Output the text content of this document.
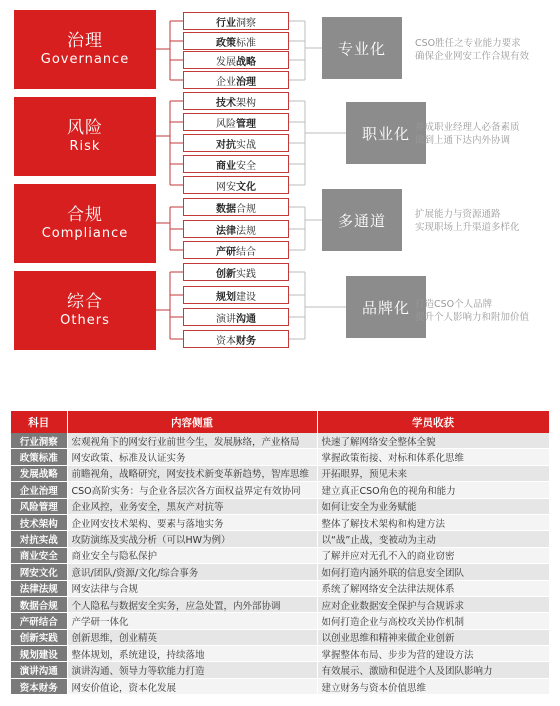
治理
Governance
风险
Risk
合规
Compliance
综合
Others
行业 洞察
政策 标准
发展 战略
企业 治理
技术 架构
风险 管理
对抗 实战
商业 安全
网安 文化
数据 合规
法律 法规
产研 结合
创新 实践
规划 建设
演讲 沟通
资本 财务
专业化
职业化
多通道
品牌化
CSO胜任之专业能力要求
确保企业网安工作合规有效
养成职业经理人必备素质
做到上通下达内外协调
扩展能力与资源通路
实现职场上升渠道多样化
打造CSO个人品牌
提升个人影响力和附加价值
科目	内容侧重	学员收获
行业洞察	宏观视角下的网安行业前世今生，发展脉络，产业格局	快速了解网络安全整体全貌
政策标准	网安政策、标准及认证实务	掌握政策衔接、对标和体系化思维
发展战略	前瞻视角，战略研究，网安技术新变革新趋势，智库思维	开拓眼界，预见未来
企业治理	CSO高阶实务：与企业各层次各方面权益界定有效协同	建立真正CSO角色的视角和能力
风险管理	企业风控，业务安全，黑灰产对抗等	如何让安全为业务赋能
技术架构	企业网安技术架构、要素与落地实务	整体了解技术架构和构建方法
对抗实战	攻防演练及实战分析（可以HW为例）	以“战”止战，变被动为主动
商业安全	商业安全与隐私保护	了解并应对无孔不入的商业窃密
网安文化	意识/团队/资源/文化/综合事务	如何打造内涵外联的信息安全团队
法律法规	网安法律与合规	系统了解网络安全法律法规体系
数据合规	个人隐私与数据安全实务，应急处置，内外部协调	应对企业数据安全保护与合规诉求
产研结合	产学研一体化	如何打造企业与高校攻关协作机制
创新实践	创新思维，创业精英	以创业思维和精神来做企业创新
规划建设	整体规划，系统建设，持续落地	掌握整体布局、步步为营的建设方法
演讲沟通	演讲沟通、领导力等软能力打造	有效展示、激励和促进个人及团队影响力
资本财务	网安价值论，资本化发展	建立财务与资本价值思维
